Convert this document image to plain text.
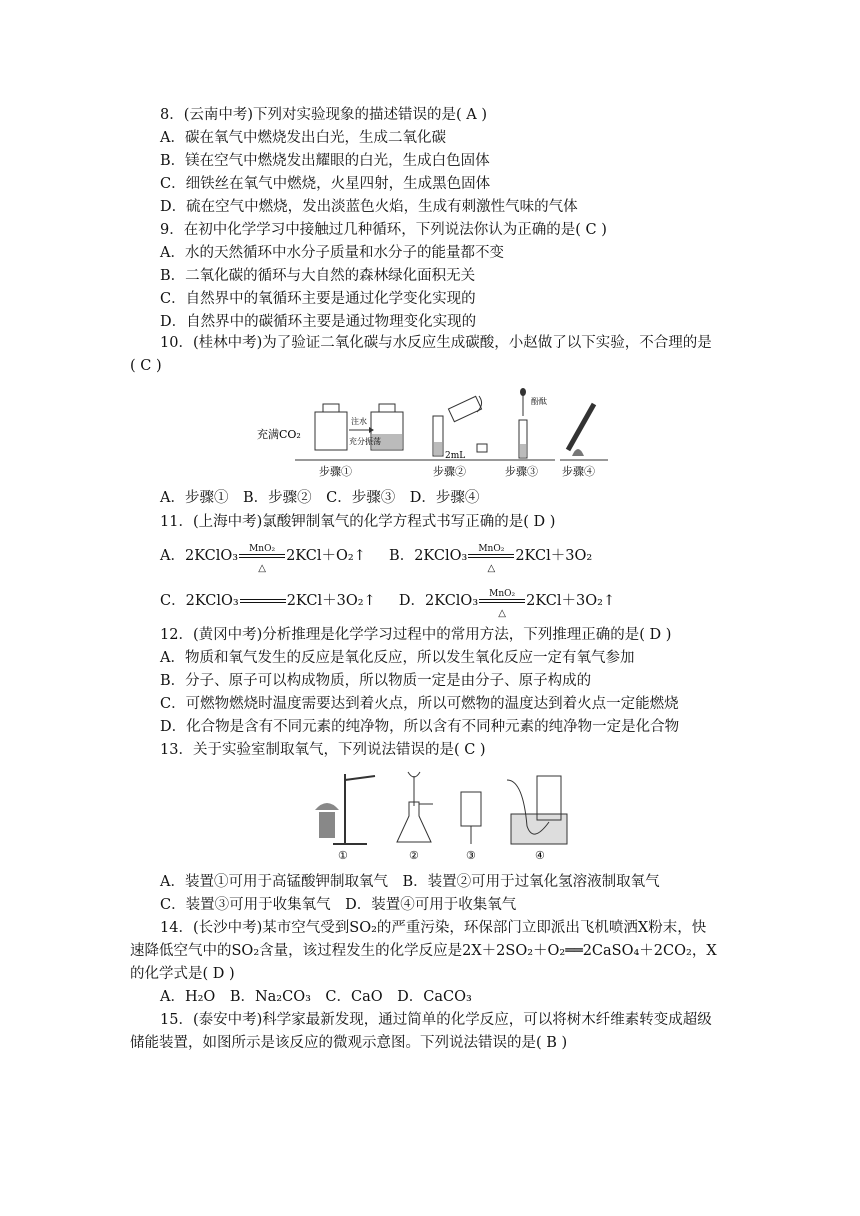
8．(云南中考)下列对实验现象的描述错误的是( A )
A．碳在氧气中燃烧发出白光，生成二氧化碳
B．镁在空气中燃烧发出耀眼的白光，生成白色固体
C．细铁丝在氧气中燃烧，火星四射，生成黑色固体
D．硫在空气中燃烧，发出淡蓝色火焰，生成有刺激性气味的气体
9．在初中化学学习中接触过几种循环，下列说法你认为正确的是( C )
A．水的天然循环中水分子质量和水分子的能量都不变
B．二氧化碳的循环与大自然的森林绿化面积无关
C．自然界中的氧循环主要是通过化学变化实现的
D．自然界中的碳循环主要是通过物理变化实现的
10．(桂林中考)为了验证二氧化碳与水反应生成碳酸，小赵做了以下实验，不合理的是
( C )
充满CO₂
注水
充分振荡
2mL
酚酞
步骤①	步骤②	步骤③ 步骤④
A．步骤①　B．步骤②　C．步骤③　D．步骤④
11．(上海中考)氯酸钾制氧气的化学方程式书写正确的是( D )
A．2KClO₃	MnO₂
△
2KCl＋O₂↑ B．2KClO₃	MnO₂
△
2KCl＋3O₂
C．2KClO₃	2KCl＋3O₂↑ D．2KClO₃	MnO₂
△
2KCl＋3O₂↑
12．(黄冈中考)分析推理是化学学习过程中的常用方法，下列推理正确的是( D )
A．物质和氧气发生的反应是氧化反应，所以发生氧化反应一定有氧气参加
B．分子、原子可以构成物质，所以物质一定是由分子、原子构成的
C．可燃物燃烧时温度需要达到着火点，所以可燃物的温度达到着火点一定能燃烧
D．化合物是含有不同元素的纯净物，所以含有不同种元素的纯净物一定是化合物
13．关于实验室制取氧气，下列说法错误的是( C )
①	②	③	④
A．装置①可用于高锰酸钾制取氧气　B．装置②可用于过氧化氢溶液制取氧气
C．装置③可用于收集氧气　D．装置④可用于收集氧气
14．(长沙中考)某市空气受到SO₂的严重污染，环保部门立即派出飞机喷洒X粉末，快
速降低空气中的SO₂含量，该过程发生的化学反应是2X＋2SO₂＋O₂══2CaSO₄＋2CO₂，X
的化学式是( D )
A．H₂O　B．Na₂CO₃　C．CaO　D．CaCO₃
15．(泰安中考)科学家最新发现，通过简单的化学反应，可以将树木纤维素转变成超级
储能装置，如图所示是该反应的微观示意图。下列说法错误的是( B )
